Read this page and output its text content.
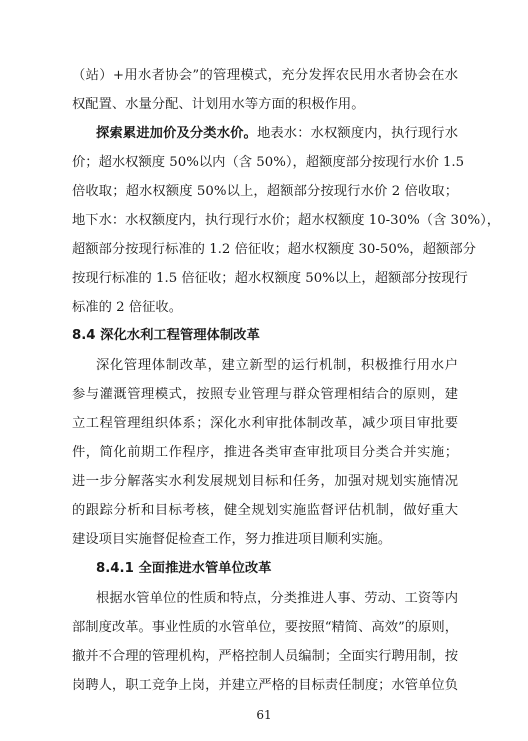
（站）+用水者协会”的管理模式，充分发挥农民用水者协会在水
权配置、水量分配、计划用水等方面的积极作用。
探索累进加价及分类水价。地表水：水权额度内，执行现行水
价；超水权额度 50%以内（含 50%），超额度部分按现行水价 1.5
倍收取；超水权额度 50%以上，超额部分按现行水价 2 倍收取；
地下水：水权额度内，执行现行水价；超水权额度 10-30%（含 30%），
超额部分按现行标准的 1.2 倍征收；超水权额度 30-50%，超额部分
按现行标准的 1.5 倍征收；超水权额度 50%以上，超额部分按现行
标准的 2 倍征收。
8.4 深化水利工程管理体制改革
深化管理体制改革，建立新型的运行机制，积极推行用水户
参与灌溉管理模式，按照专业管理与群众管理相结合的原则，建
立工程管理组织体系；深化水利审批体制改革，减少项目审批要
件，简化前期工作程序，推进各类审查审批项目分类合并实施；
进一步分解落实水利发展规划目标和任务，加强对规划实施情况
的跟踪分析和目标考核，健全规划实施监督评估机制，做好重大
建设项目实施督促检查工作，努力推进项目顺利实施。
8.4.1 全面推进水管单位改革
根据水管单位的性质和特点，分类推进人事、劳动、工资等内
部制度改革。事业性质的水管单位，要按照“精简、高效”的原则，
撤并不合理的管理机构，严格控制人员编制；全面实行聘用制，按
岗聘人，职工竞争上岗，并建立严格的目标责任制度；水管单位负
61
